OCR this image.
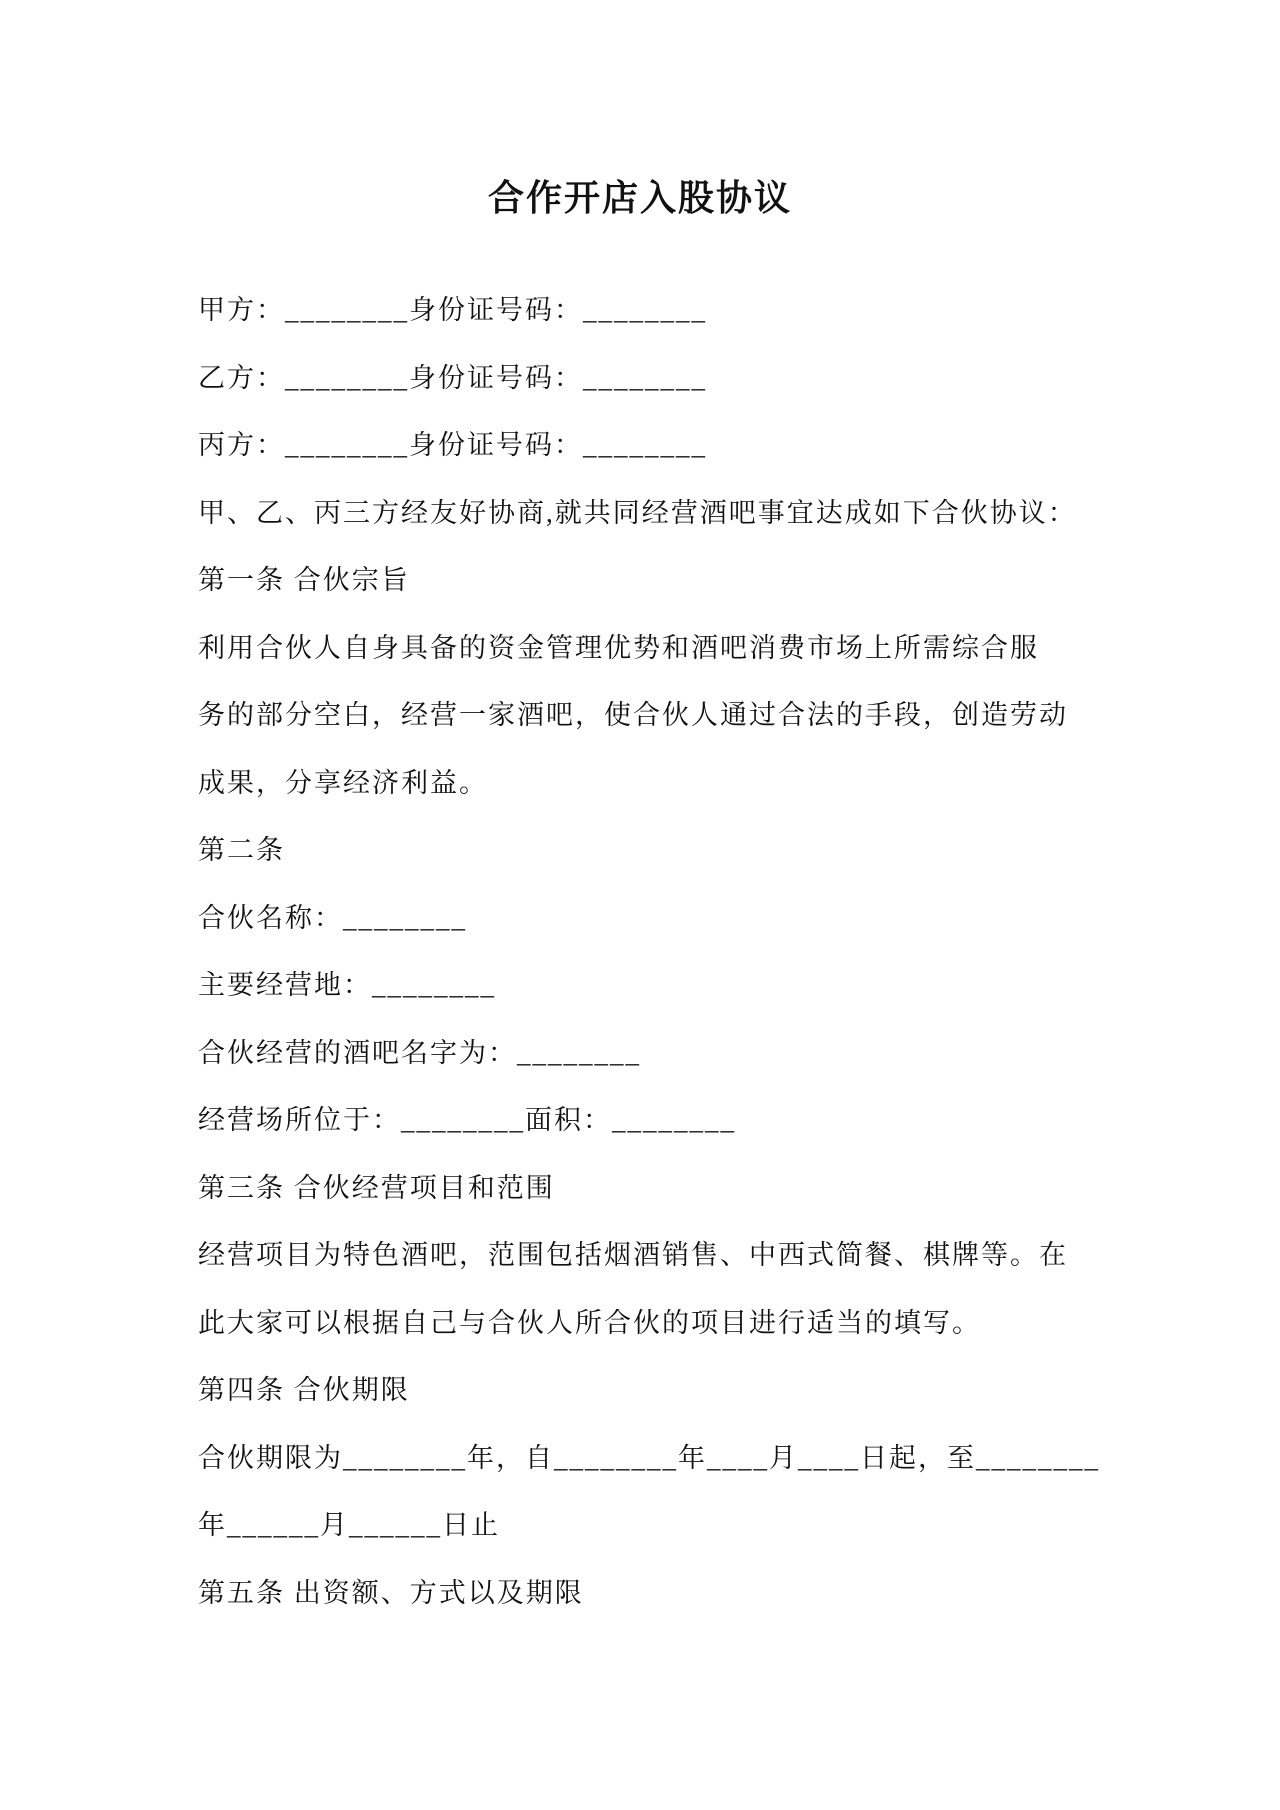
合作开店入股协议
甲方：________身份证号码：________
乙方：________身份证号码：________
丙方：________身份证号码：________
甲、乙、丙三方经友好协商,就共同经营酒吧事宜达成如下合伙协议：
第一条 合伙宗旨
利用合伙人自身具备的资金管理优势和酒吧消费市场上所需综合服
务的部分空白，经营一家酒吧，使合伙人通过合法的手段，创造劳动
成果，分享经济利益。
第二条
合伙名称：________
主要经营地：________
合伙经营的酒吧名字为：________
经营场所位于：________面积：________
第三条 合伙经营项目和范围
经营项目为特色酒吧，范围包括烟酒销售、中西式简餐、棋牌等。在
此大家可以根据自己与合伙人所合伙的项目进行适当的填写。
第四条 合伙期限
合伙期限为________年，自________年____月____日起，至________
年______月______日止
第五条 出资额、方式以及期限
